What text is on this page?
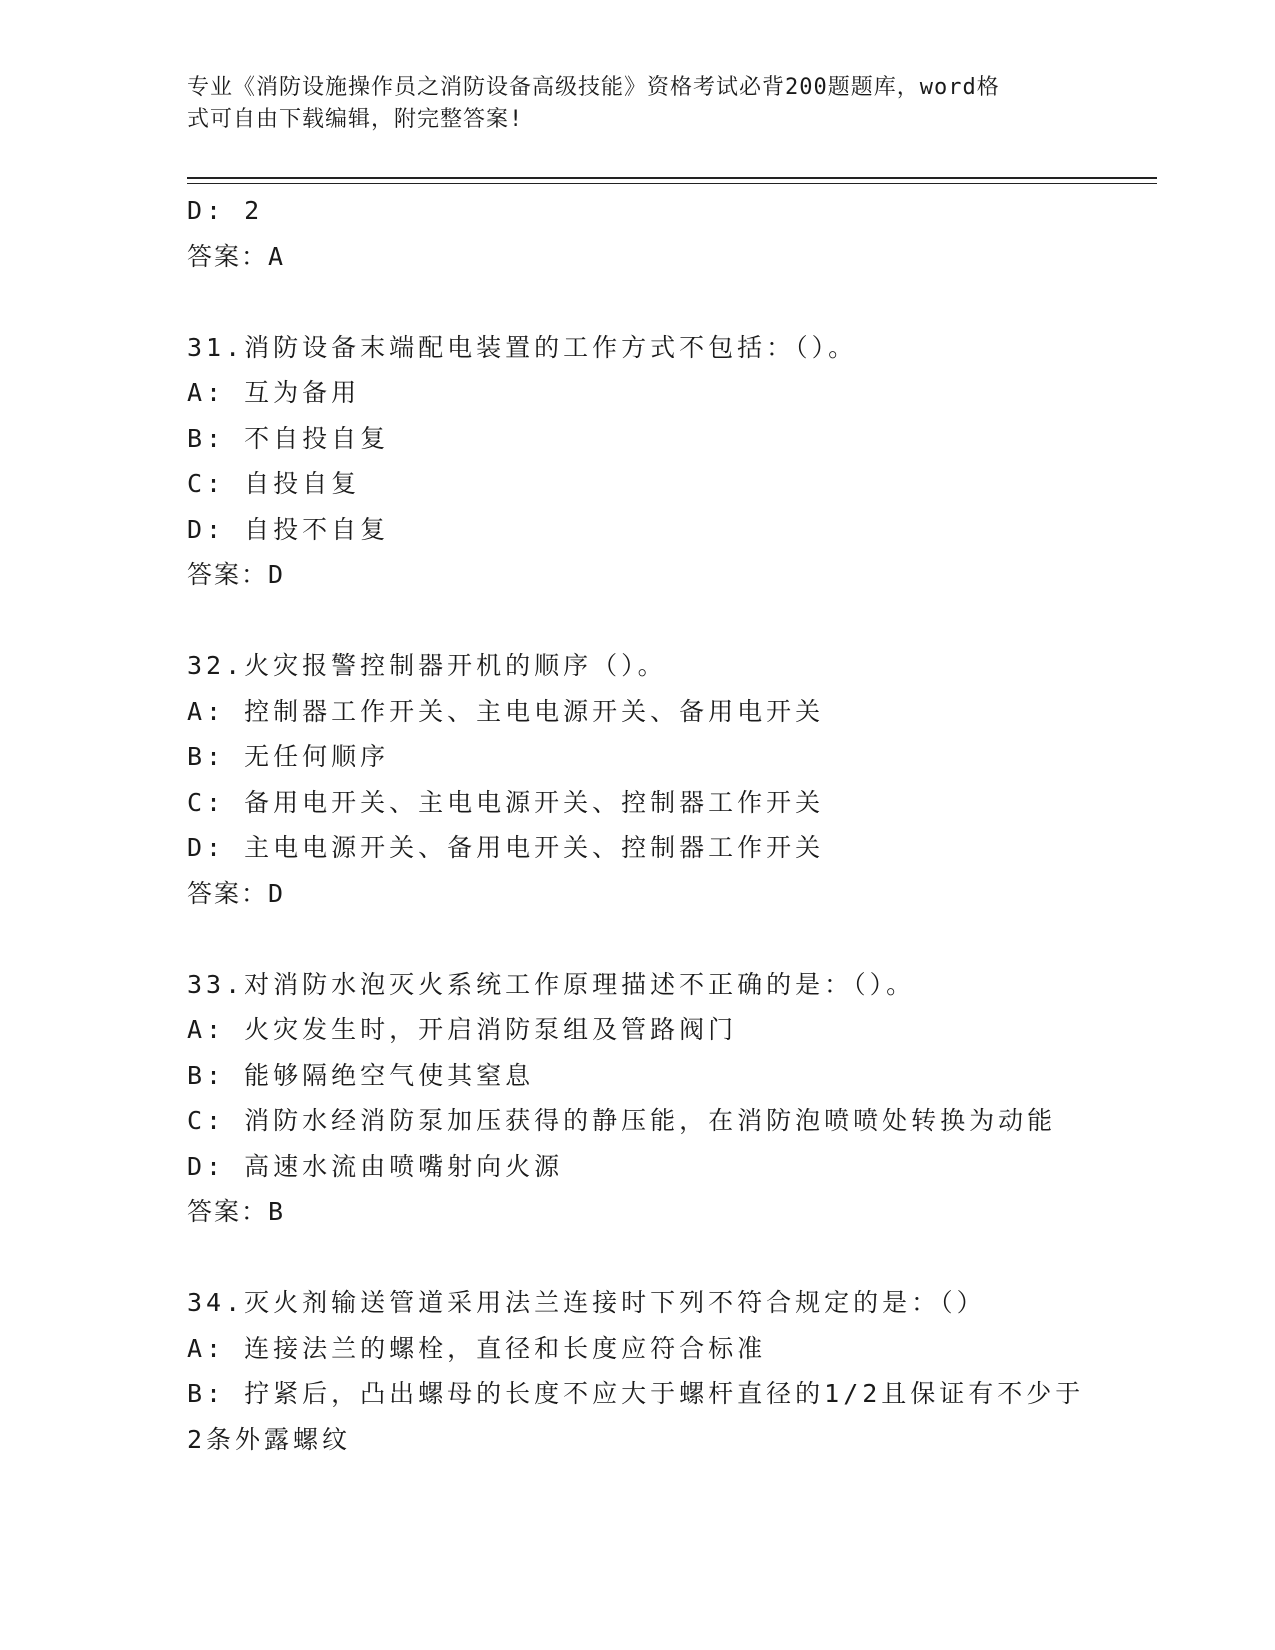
专业《消防设施操作员之消防设备高级技能》资格考试必背200题题库，word格
式可自由下载编辑，附完整答案!
D: 2
答案：A
31.消防设备末端配电装置的工作方式不包括：（）。
A: 互为备用
B: 不自投自复
C: 自投自复
D: 自投不自复
答案：D
32.火灾报警控制器开机的顺序（）。
A: 控制器工作开关、主电电源开关、备用电开关
B: 无任何顺序
C: 备用电开关、主电电源开关、控制器工作开关
D: 主电电源开关、备用电开关、控制器工作开关
答案：D
33.对消防水泡灭火系统工作原理描述不正确的是：（）。
A: 火灾发生时，开启消防泵组及管路阀门
B: 能够隔绝空气使其窒息
C: 消防水经消防泵加压获得的静压能，在消防泡喷喷处转换为动能
D: 高速水流由喷嘴射向火源
答案：B
34.灭火剂输送管道采用法兰连接时下列不符合规定的是：（）
A: 连接法兰的螺栓，直径和长度应符合标准
B: 拧紧后，凸出螺母的长度不应大于螺杆直径的1/2且保证有不少于
2条外露螺纹
